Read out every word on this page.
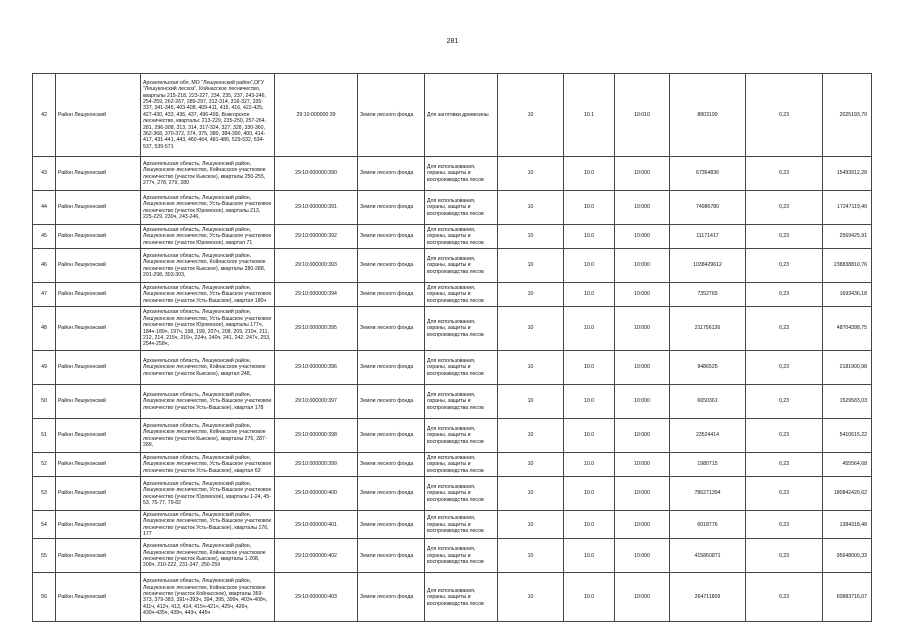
281
42	Район Лешуконский	Архангельская обл, МО "Лешуконский район",ОГУ "Лешуконский лесхоз", Койнасское лесничество, кварталы 215-218, 223-227, 234, 235, 237, 243-246, 254-259, 262-267, 289-297, 312-314, 316-327, 335-337, 341-345, 403-408, 409-411, 415, 416, 422-425, 427-430, 432, 436, 437, 496-499, Вожгорское лесничество, кварталы: 213-229, 235-250, 257-264, 281, 296-308, 313, 314, 317-324, 327, 328, 330-360, 362-368, 370-372, 374, 375, 380, 384-390, 400, 414-417, 431-441, 443, 460-464, 481-486, 529-532, 534-537, 539-571	29:10:000000:39	Земли лесного фонда	Для заготовки древесины	10	10.1	10:010	8803190	0,23	2025193,70
43	Район Лешуконский	Архангельская область, Лешуконский район, Лешуконское лесничество, Койнасское участковое лесничество (участок Кыкское), кварталы 250-255, 277ч, 278, 279, 280	29:10:000000:390	Земли лесного фонда	Для использования, охраны, защиты и воспроизводства лесов	10	10.0	10:000	67364836	0,23	15493912,28
44	Район Лешуконский	Архангельская область, Лешуконский район, Лешуконское лесничество, Усть-Вашское участковое лесничество (участок Юромское), кварталы 213, 225-229, 230ч, 243-246,	29:10:000000:391	Земли лесного фонда	Для использования, охраны, защиты и воспроизводства лесов	10	10.0	10:000	74986780	0,23	17247119,40
45	Район Лешуконский	Архангельская область, Лешуконский район, Лешуконское лесничество, Усть-Вашское участковое лесничество (участок Юромское), квартал 71	29:10:000000:392	Земли лесного фонда	Для использования, охраны, защиты и воспроизводства лесов	10	10.0	10:000	11171417	0,23	2569425,91
46	Район Лешуконский	Архангельская область, Лешуконский район, Лешуконское лесничество, Койнасское участковое лесничество (участок Кыкское), кварталы 280-288, 291-298, 303-303,	29:10:000000:393	Земли лесного фонда	Для использования, охраны, защиты и воспроизводства лесов	10	10.0	10:000	1038429612	0,23	238838810,76
47	Район Лешуконский	Архангельская область, Лешуконский район, Лешуконское лесничество, Усть-Вашское участковое лесничество (участок Усть-Вашское), квартал 180ч	29:10:000000:394	Земли лесного фонда	Для использования, охраны, защиты и воспроизводства лесов	10	10.0	10:000	7352765	0,23	1693436,18
48	Район Лешуконский	Архангельская область, Лешуконский район, Лешуконское лесничество, Усть-Вашское участковое лесничество (участок Юромское), кварталы 177ч, 184ч-189ч, 197ч, 198, 199, 207ч, 208, 209, 210ч, 211, 212, 214, 215ч, 216ч, 224ч, 240ч, 241, 242, 247ч, 253, 254ч-258ч,	29:10:000000:395	Земли лесного фонда	Для использования, охраны, защиты и воспроизводства лесов	10	10.0	10:000	211756126	0,23	48704398,75
49	Район Лешуконский	Архангельская область, Лешуконский район, Лешуконское лесничество, Койнасское участковое лесничество (участок Кыкское), квартал 248,	29:10:000000:396	Земли лесного фонда	Для использования, охраны, защиты и воспроизводства лесов	10	10.0	10:000	9486525	0,23	2181900,98
50	Район Лешуконский	Архангельская область, Лешуконский район, Лешуконское лесничество, Усть-Вашское участковое лесничество (участок Усть-Вашское), квартал 178	29:10:000000:397	Земли лесного фонда	Для использования, охраны, защиты и воспроизводства лесов	10	10.0	10:000	6650361	0,23	1529583,03
51	Район Лешуконский	Архангельская область, Лешуконский район, Лешуконское лесничество, Койнасское участковое лесничество (участок Кыкское), кварталы 276, 287-289,	29:10:000000:398	Земли лесного фонда	Для использования, охраны, защиты и воспроизводства лесов	10	10.0	10:000	23524414	0,23	5410615,22
52	Район Лешуконский	Архангельская область, Лешуконский район, Лешуконское лесничество, Усть-Вашское участковое лесничество (участок Усть-Вашское), квартал 63	29:10:000000:399	Земли лесного фонда	Для использования, охраны, защиты и воспроизводства лесов	10	10.0	10:000	1980715	0,23	455564,68
53	Район Лешуконский	Архангельская область, Лешуконский район, Лешуконское лесничество, Усть-Вашское участковое лесничество (участок Юромское), кварталы 1-24, 45-53, 75-77, 79-82	29:10:000000:400	Земли лесного фонда	Для использования, охраны, защиты и воспроизводства лесов	10	10.0	10:000	786271394	0,23	180842420,62
54	Район Лешуконский	Архангельская область, Лешуконский район, Лешуконское лесничество, Усть-Вашское участковое лесничество (участок Усть-Вашское), кварталы 176, 177	29:10:000000:401	Земли лесного фонда	Для использования, охраны, защиты и воспроизводства лесов	10	10.0	10:000	6018776	0,23	1384318,48
55	Район Лешуконский	Архангельская область, Лешуконский район, Лешуконское лесничество, Койнасское участковое лесничество (участок Кыкское), кварталы 1-208, 209ч, 210-222, 231-247, 256-259	29:10:000000:402	Земли лесного фонда	Для использования, охраны, защиты и воспроизводства лесов	10	10.0	10:000	415860871	0,23	95648000,33
56	Район Лешуконский	Архангельская область, Лешуконский район, Лешуконское лесничество, Койнасское участковое лесничество (участок Койнасское), кварталы 369-373, 379-383, 391ч-393ч, 394, 395, 399ч, 403ч-408ч, 411ч, 412ч, 413, 414, 415ч-421ч, 425ч, 426ч, 430ч-435ч, 439ч, 443ч, 445ч	29:10:000000:403	Земли лесного фонда	Для использования, охраны, защиты и воспроизводства лесов	10	10.0	10:000	264711809	0,23	60883716,07
